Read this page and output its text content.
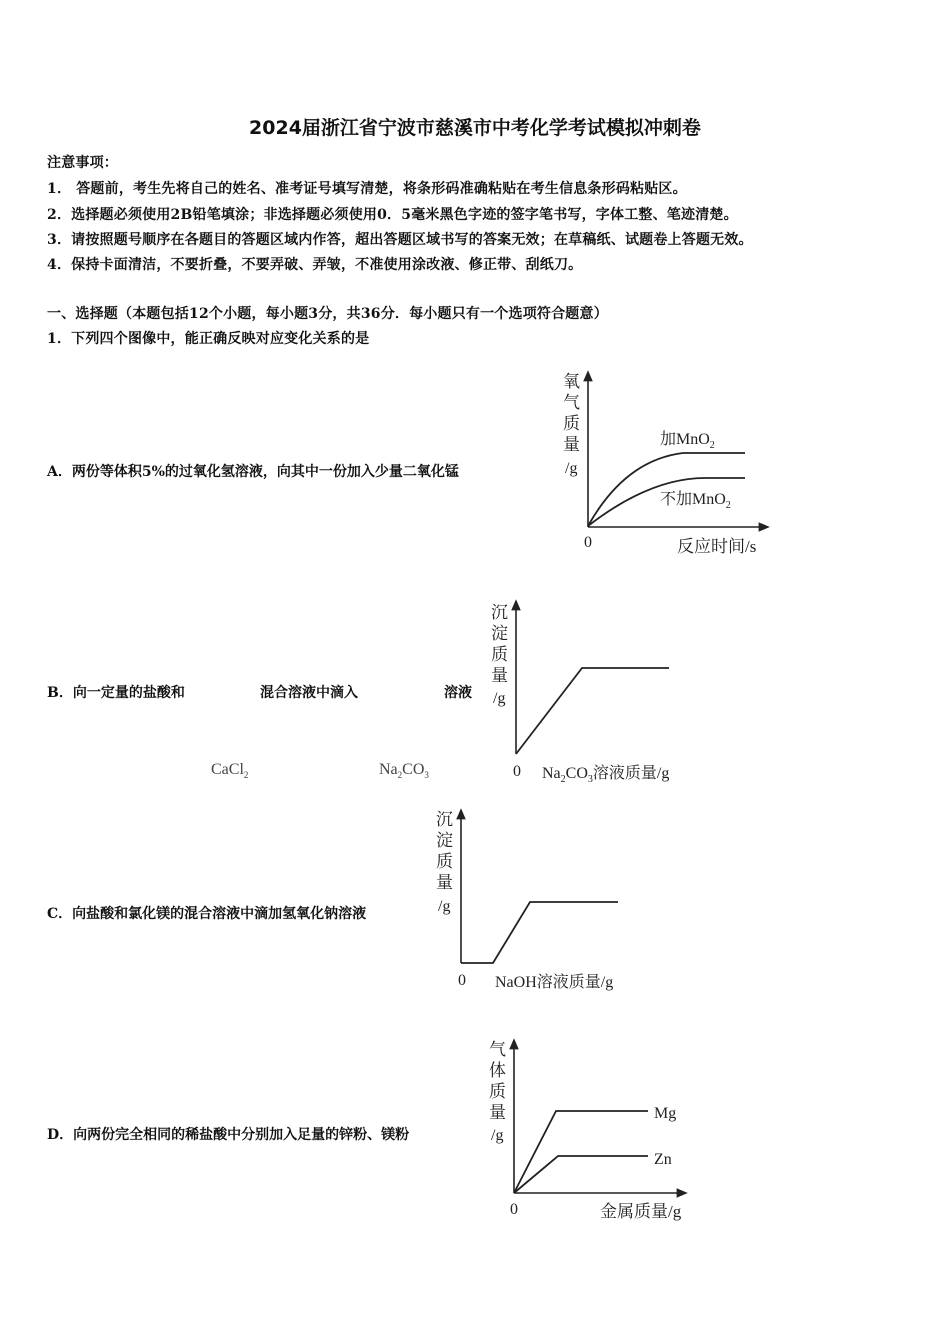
2024届浙江省宁波市慈溪市中考化学考试模拟冲刺卷
注意事项：
1． 答题前，考生先将自己的姓名、准考证号填写清楚，将条形码准确粘贴在考生信息条形码粘贴区。
2．选择题必须使用2B铅笔填涂；非选择题必须使用0．5毫米黑色字迹的签字笔书写，字体工整、笔迹清楚。
3．请按照题号顺序在各题目的答题区域内作答，超出答题区域书写的答案无效；在草稿纸、试题卷上答题无效。
4．保持卡面清洁，不要折叠，不要弄破、弄皱，不准使用涂改液、修正带、刮纸刀。
一、选择题（本题包括12个小题，每小题3分，共36分．每小题只有一个选项符合题意）
1．下列四个图像中，能正确反映对应变化关系的是
A．两份等体积5%的过氧化氢溶液，向其中一份加入少量二氧化锰
B．向一定量的盐酸和	混合溶液中滴入	溶液
CaCl$_2$	$Na_2CO_3$
C．向盐酸和氯化镁的混合溶液中滴加氢氧化钠溶液
D．向两份完全相同的稀盐酸中分别加入足量的锌粉、镁粉
氧
气
质
量
/g
加MnO$_2$
不加MnO$_2$
0	反应时间/s
沉
淀
质
量
/g
0 $Na_2CO_3$溶液质量/g
沉
淀
质
量
/g
0 NaOH溶液质量/g
气
体
质
量
/g
Mg
Zn
0	金属质量/g
